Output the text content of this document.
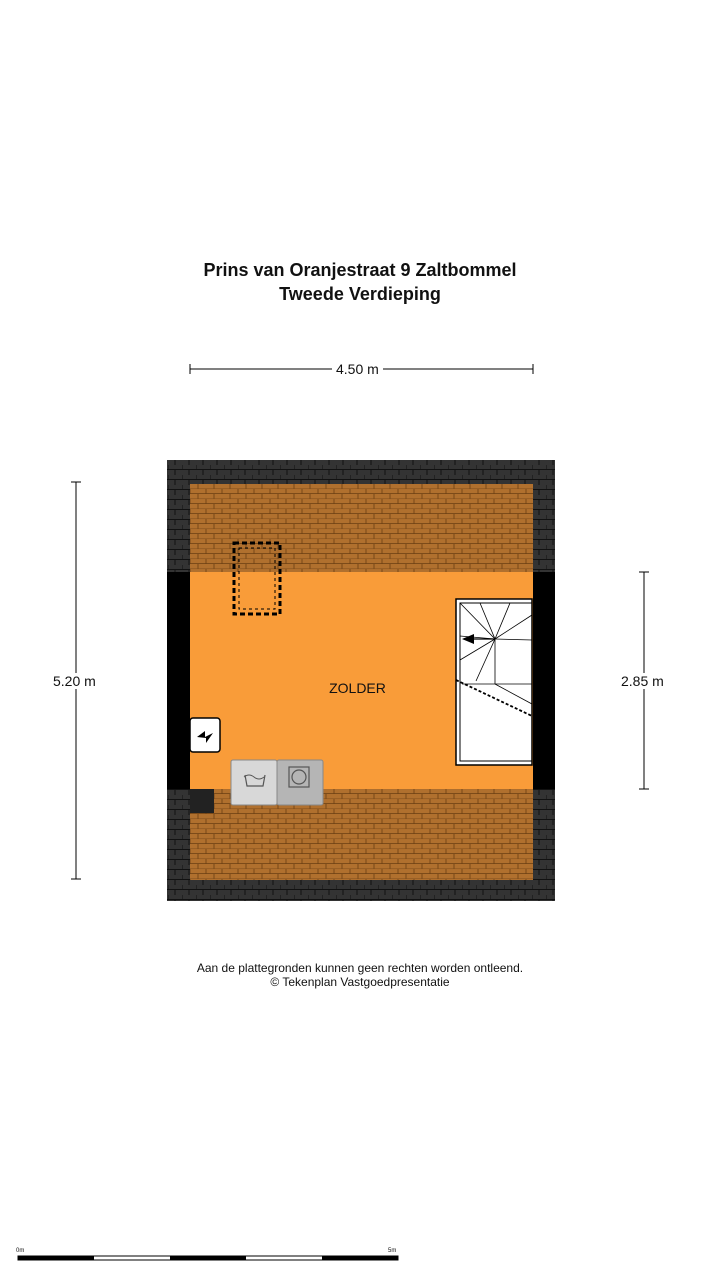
Prins van Oranjestraat 9 Zaltbommel
Tweede Verdieping
4.50 m
5.20 m	2.85 m
ZOLDER
Aan de plattegronden kunnen geen rechten worden ontleend.
© Tekenplan Vastgoedpresentatie
0m	5m
